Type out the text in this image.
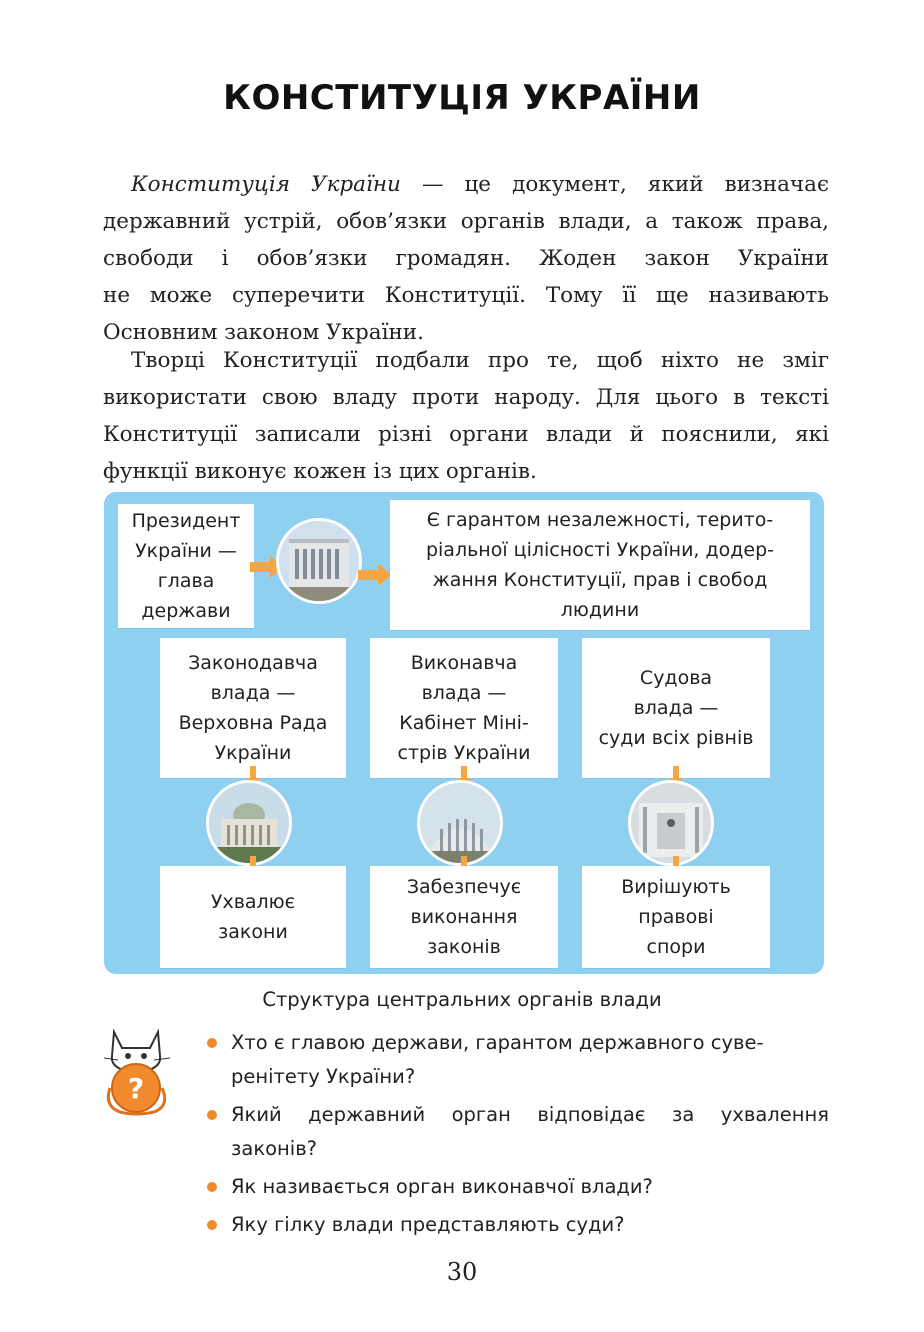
КОНСТИТУЦІЯ УКРАЇНИ
Конституція України — це документ, який визначає
державний устрій, обов’язки органів влади, а також права,
свободи і обов’язки громадян. Жоден закон України
не може суперечити Конституції. Тому її ще називають
Основним законом України.
Творці Конституції подбали про те, щоб ніхто не зміг
використати свою владу проти народу. Для цього в тексті
Конституції записали різні органи влади й пояснили, які
функції виконує кожен із цих органів.
Президент
України —
глава
держави
Є гарантом незалежності, терито-
ріальної цілісності України, додер-
жання Конституції, прав і свобод
людини
Законодавча
влада —
Верховна Рада
України
Виконавча
влада —
Кабінет Міні-
стрів України
Судова
влада —
суди всіх рівнів
Ухвалює
закони
Забезпечує
виконання
законів
Вирішують
правові
спори
Структура центральних органів влади
?
Хто є главою держави, гарантом державного суве-
ренітету України?
Який державний орган відповідає за ухвалення
законів?
Як називається орган виконавчої влади?
Яку гілку влади представляють суди?
30
